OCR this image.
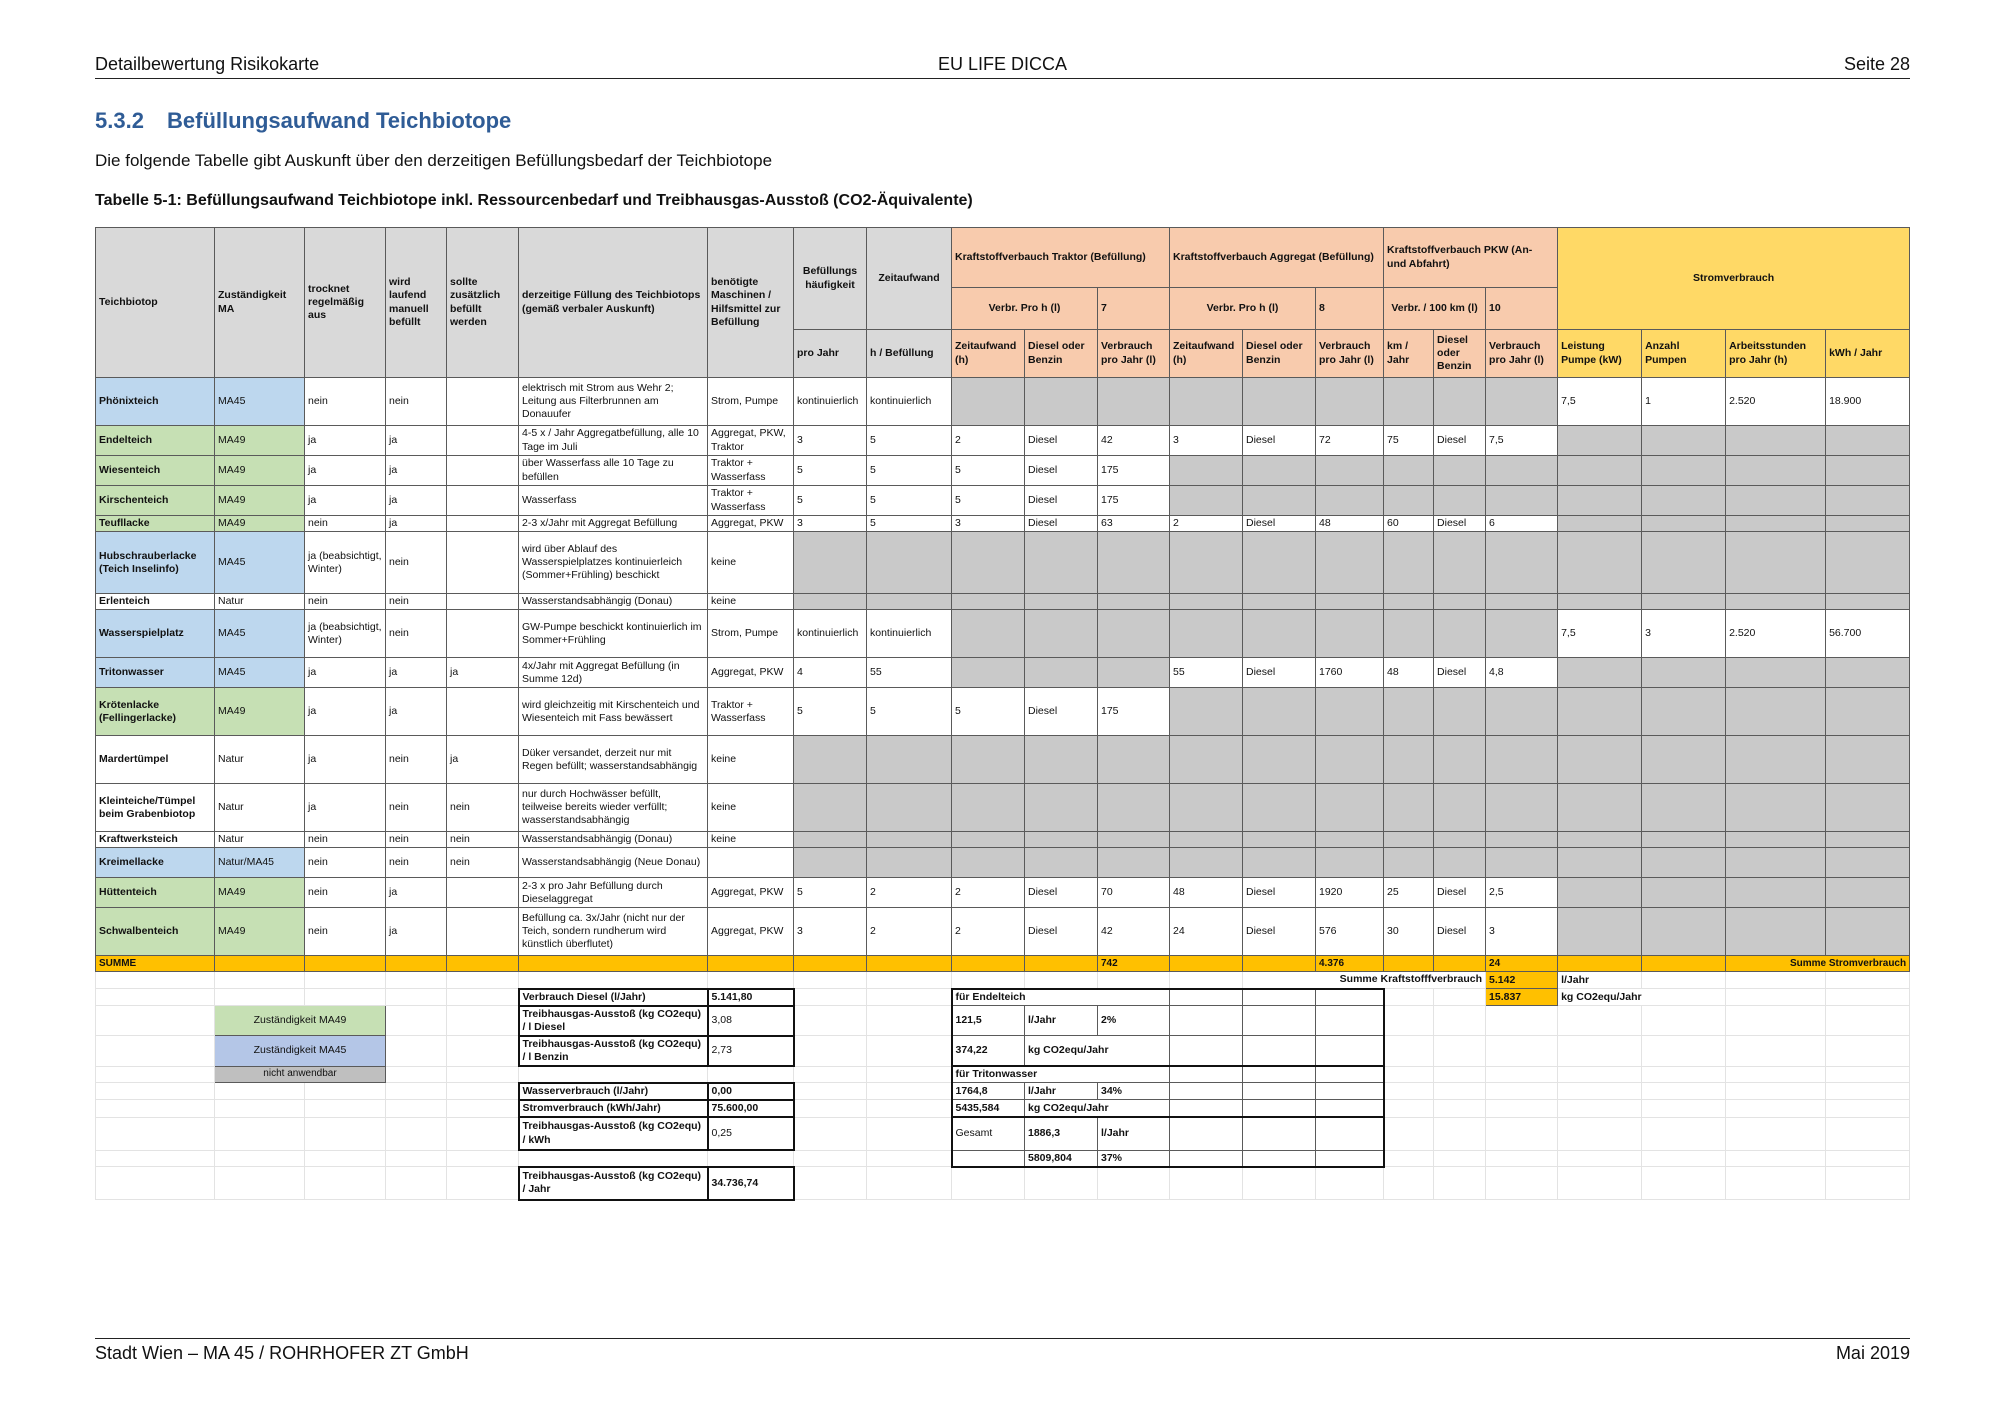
Detailbewertung Risikokarte	EU LIFE DICCA	Seite 28
5.3.2 Befüllungsaufwand Teichbiotope
Die folgende Tabelle gibt Auskunft über den derzeitigen Befüllungsbedarf der Teichbiotope
Tabelle 5-1: Befüllungsaufwand Teichbiotope inkl. Ressourcenbedarf und Treibhausgas-Ausstoß (CO2-Äquivalente)
Teichbiotop	Zuständigkeit MA	trocknet regelmäßig aus	wird laufend manuell befüllt	sollte zusätzlich befüllt werden	derzeitige Füllung des Teichbiotops (gemäß verbaler Auskunft)	benötigte Maschinen / Hilfsmittel zur Befüllung	Befüllungs häufigkeit	Zeitaufwand	Kraftstoffverbauch Traktor (Befüllung)			Kraftstoffverbauch Aggregat (Befüllung)			Kraftstoffverbauch PKW (An- und Abfahrt)			Stromverbrauch				
									Verbr. Pro h (l)		7	Verbr. Pro h (l)		8	Verbr. / 100 km (l)		10					
							pro Jahr	h / Befüllung	Zeitaufwand (h)	Diesel oder Benzin	Verbrauch pro Jahr (l)	Zeitaufwand (h)	Diesel oder Benzin	Verbrauch pro Jahr (l)	km / Jahr	Diesel oder Benzin	Verbrauch pro Jahr (l)	Leistung Pumpe (kW)	Anzahl Pumpen	Arbeitsstunden pro Jahr (h)	kWh / Jahr	
Phönixteich	MA45	nein	nein		elektrisch mit Strom aus Wehr 2; Leitung aus Filterbrunnen am Donauufer	Strom, Pumpe	kontinuierlich	kontinuierlich										7,5	1	2.520	18.900	
Endelteich	MA49	ja	ja		4-5 x / Jahr Aggregatbefüllung, alle 10 Tage im Juli	Aggregat, PKW, Traktor	3	5	2	Diesel	42	3	Diesel	72	75	Diesel	7,5					
Wiesenteich	MA49	ja	ja		über Wasserfass alle 10 Tage zu befüllen	Traktor + Wasserfass	5	5	5	Diesel	175											
Kirschenteich	MA49	ja	ja		Wasserfass	Traktor + Wasserfass	5	5	5	Diesel	175											
Teufllacke	MA49	nein	ja		2-3 x/Jahr mit Aggregat Befüllung	Aggregat, PKW	3	5	3	Diesel	63	2	Diesel	48	60	Diesel	6					
Hubschrauberlacke (Teich Inselinfo)	MA45	ja (beabsichtigt, Winter)	nein		wird über Ablauf des Wasserspielplatzes kontinuierleich (Sommer+Frühling) beschickt	keine																
Erlenteich	Natur	nein	nein		Wasserstandsabhängig (Donau)	keine																
Wasserspielplatz	MA45	ja (beabsichtigt, Winter)	nein		GW-Pumpe beschickt kontinuierlich im Sommer+Frühling	Strom, Pumpe	kontinuierlich	kontinuierlich										7,5	3	2.520	56.700	
Tritonwasser	MA45	ja	ja	ja	4x/Jahr mit Aggregat Befüllung (in Summe 12d)	Aggregat, PKW	4	55				55	Diesel	1760	48	Diesel	4,8					
Krötenlacke (Fellingerlacke)	MA49	ja	ja		wird gleichzeitig mit Kirschenteich und Wiesenteich mit Fass bewässert	Traktor + Wasserfass	5	5	5	Diesel	175											
Mardertümpel	Natur	ja	nein	ja	Düker versandet, derzeit nur mit Regen befüllt; wasserstandsabhängig	keine																
Kleinteiche/Tümpel beim Grabenbiotop	Natur	ja	nein	nein	nur durch Hochwässer befüllt, teilweise bereits wieder verfüllt; wasserstandsabhängig	keine																
Kraftwerksteich	Natur	nein	nein	nein	Wasserstandsabhängig (Donau)	keine																
Kreimellacke	Natur/MA45	nein	nein	nein	Wasserstandsabhängig (Neue Donau)																	
Hüttenteich	MA49	nein	ja		2-3 x pro Jahr Befüllung durch Dieselaggregat	Aggregat, PKW	5	2	2	Diesel	70	48	Diesel	1920	25	Diesel	2,5					
Schwalbenteich	MA49	nein	ja		Befüllung ca. 3x/Jahr (nicht nur der Teich, sondern rundherum wird künstlich überflutet)	Aggregat, PKW	3	2	2	Diesel	42	24	Diesel	576	30	Diesel	3					
SUMME											742			4.376			24			Summe Stromverbrauch	
													Summe Kraftstofffverbrauch				5.142	l/Jahr				
					Verbrauch Diesel (l/Jahr)	5.141,80			für Endelteich								15.837	kg CO2equ/Jahr				
	Zuständigkeit MA49				Treibhausgas-Ausstoß (kg CO2equ) / l Diesel	3,08			121,5	l/Jahr	2%											
	Zuständigkeit MA45				Treibhausgas-Ausstoß (kg CO2equ) / l Benzin	2,73			374,22	kg CO2equ/Jahr												
	nicht anwendbar								für Tritonwasser													
					Wasserverbrauch (l/Jahr)	0,00			1764,8	l/Jahr	34%											
					Stromverbrauch (kWh/Jahr)	75.600,00			5435,584	kg CO2equ/Jahr												
					Treibhausgas-Ausstoß (kg CO2equ) / kWh	0,25			Gesamt	1886,3	l/Jahr											
										5809,804	37%											
					Treibhausgas-Ausstoß (kg CO2equ) / Jahr	34.736,74																
Stadt Wien – MA 45 / ROHRHOFER ZT GmbH	Mai 2019
